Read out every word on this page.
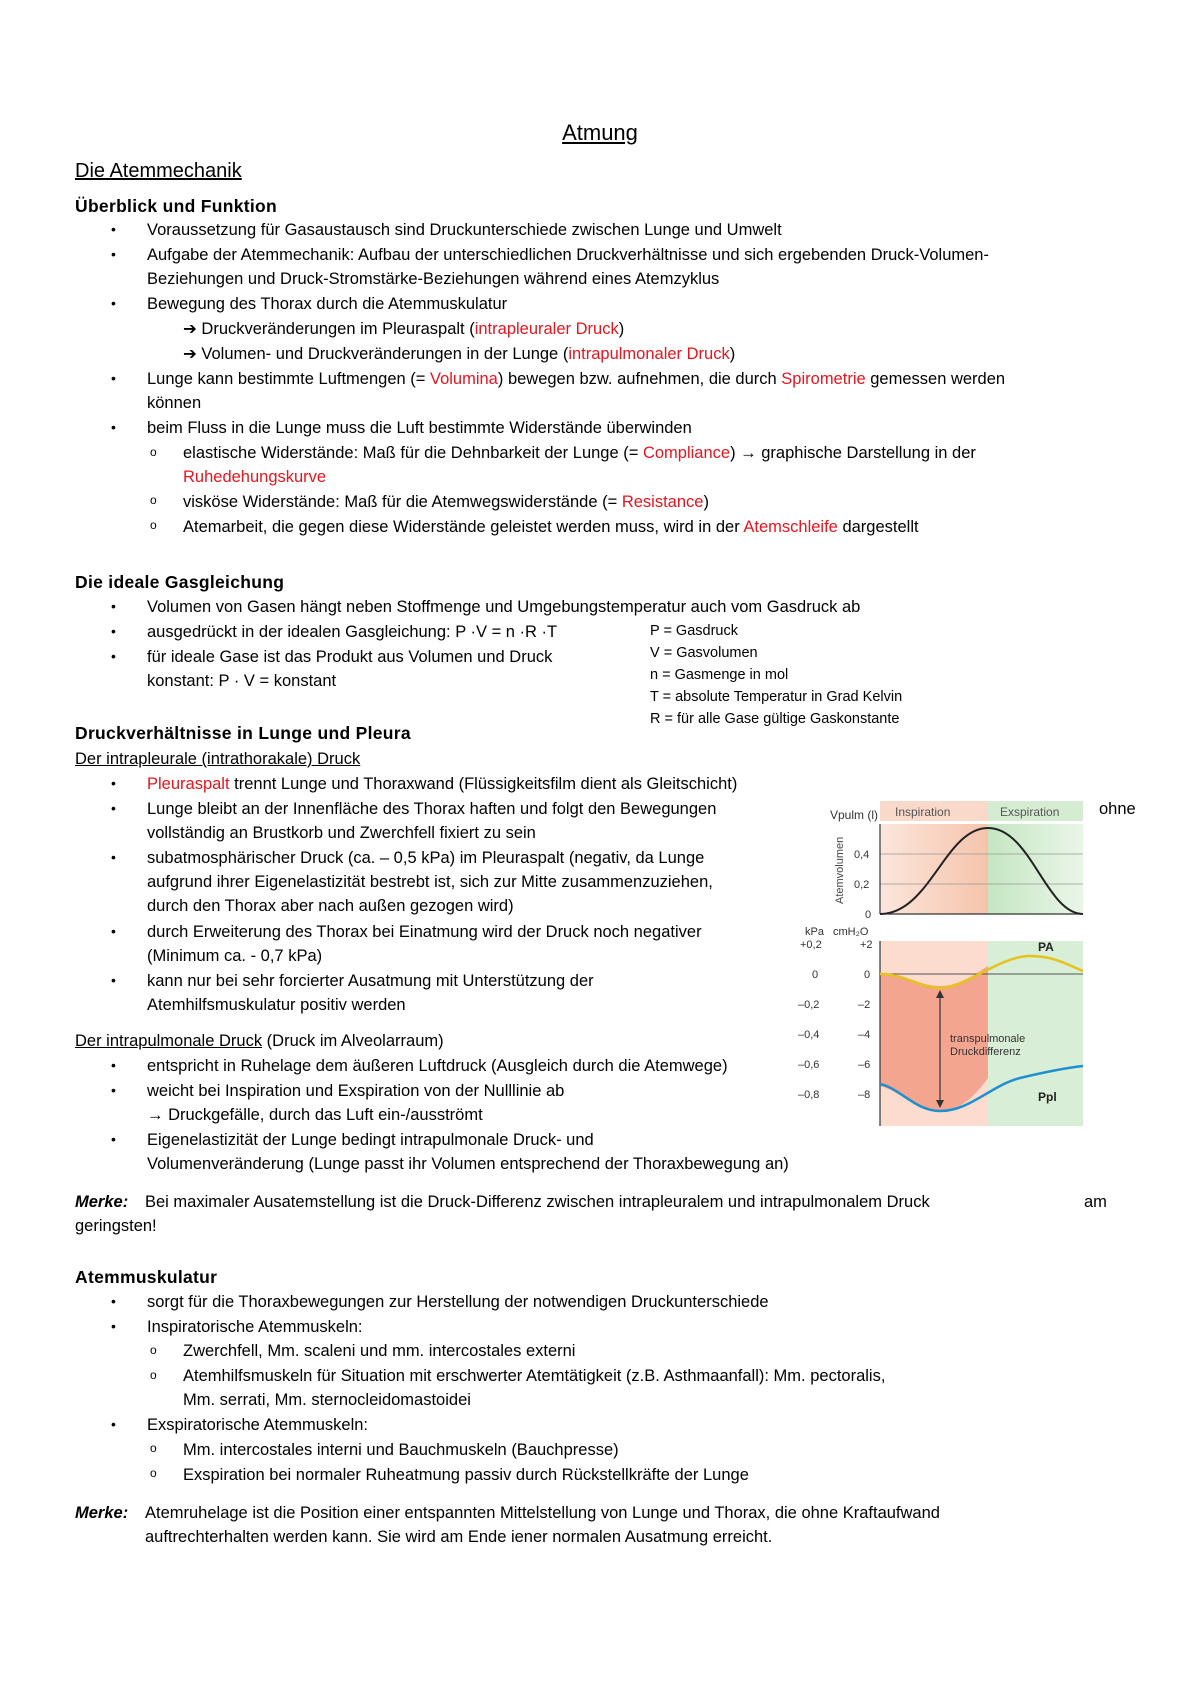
Atmung
Die Atemmechanik
Überblick und Funktion
• Voraussetzung für Gasaustausch sind Druckunterschiede zwischen Lunge und Umwelt
• Aufgabe der Atemmechanik: Aufbau der unterschiedlichen Druckverhältnisse und sich ergebenden Druck-Volumen-
Beziehungen und Druck-Stromstärke-Beziehungen während eines Atemzyklus
• Bewegung des Thorax durch die Atemmuskulatur
➔ Druckveränderungen im Pleuraspalt (intrapleuraler Druck)
➔ Volumen- und Druckveränderungen in der Lunge (intrapulmonaler Druck)
• Lunge kann bestimmte Luftmengen (= Volumina) bewegen bzw. aufnehmen, die durch Spirometrie gemessen werden
können
• beim Fluss in die Lunge muss die Luft bestimmte Widerstände überwinden
o elastische Widerstände: Maß für die Dehnbarkeit der Lunge (= Compliance) → graphische Darstellung in der
Ruhedehungskurve
o visköse Widerstände: Maß für die Atemwegswiderstände (= Resistance)
o Atemarbeit, die gegen diese Widerstände geleistet werden muss, wird in der Atemschleife dargestellt
Die ideale Gasgleichung
• Volumen von Gasen hängt neben Stoffmenge und Umgebungstemperatur auch vom Gasdruck ab
• ausgedrückt in der idealen Gasgleichung: P ·V = n ·R ·T
• für ideale Gase ist das Produkt aus Volumen und Druck
konstant: P · V = konstant
P = Gasdruck
V = Gasvolumen
n = Gasmenge in mol
T = absolute Temperatur in Grad Kelvin
R = für alle Gase gültige Gaskonstante
Druckverhältnisse in Lunge und Pleura
Der intrapleurale (intrathorakale) Druck
• Pleuraspalt trennt Lunge und Thoraxwand (Flüssigkeitsfilm dient als Gleitschicht)
• Lunge bleibt an der Innenfläche des Thorax haften und folgt den Bewegungen	ohne
vollständig an Brustkorb und Zwerchfell fixiert zu sein
• subatmosphärischer Druck (ca. – 0,5 kPa) im Pleuraspalt (negativ, da Lunge
aufgrund ihrer Eigenelastizität bestrebt ist, sich zur Mitte zusammenzuziehen,
durch den Thorax aber nach außen gezogen wird)
• durch Erweiterung des Thorax bei Einatmung wird der Druck noch negativer
(Minimum ca. - 0,7 kPa)
• kann nur bei sehr forcierter Ausatmung mit Unterstützung der
Atemhilfsmuskulatur positiv werden
Der intrapulmonale Druck (Druck im Alveolarraum)
• entspricht in Ruhelage dem äußeren Luftdruck (Ausgleich durch die Atemwege)
• weicht bei Inspiration und Exspiration von der Nulllinie ab
→ Druckgefälle, durch das Luft ein-/ausströmt
• Eigenelastizität der Lunge bedingt intrapulmonale Druck- und
Volumenveränderung (Lunge passt ihr Volumen entsprechend der Thoraxbewegung an)
Merke: Bei maximaler Ausatemstellung ist die Druck-Differenz zwischen intrapleuralem und intrapulmonalem Druck	am
geringsten!
Atemmuskulatur
• sorgt für die Thoraxbewegungen zur Herstellung der notwendigen Druckunterschiede
• Inspiratorische Atemmuskeln:
o Zwerchfell, Mm. scaleni und mm. intercostales externi
o Atemhilfsmuskeln für Situation mit erschwerter Atemtätigkeit (z.B. Asthmaanfall): Mm. pectoralis,
Mm. serrati, Mm. sternocleidomastoidei
• Exspiratorische Atemmuskeln:
o Mm. intercostales interni und Bauchmuskeln (Bauchpresse)
o Exspiration bei normaler Ruheatmung passiv durch Rückstellkräfte der Lunge
Merke: Atemruhelage ist die Position einer entspannten Mittelstellung von Lunge und Thorax, die ohne Kraftaufwand
auftrechterhalten werden kann. Sie wird am Ende iener normalen Ausatmung erreicht.
Inspiration	Exspiration
Vpulm (l)
Atemvolumen 0,4
0,2
0
kPa cmH₂O
PA
Ppl
transpulmonale
Druckdifferenz
+0,2
0
–0,2
–0,4
–0,6
–0,8
+2
0
–2
–4
–6
–8
